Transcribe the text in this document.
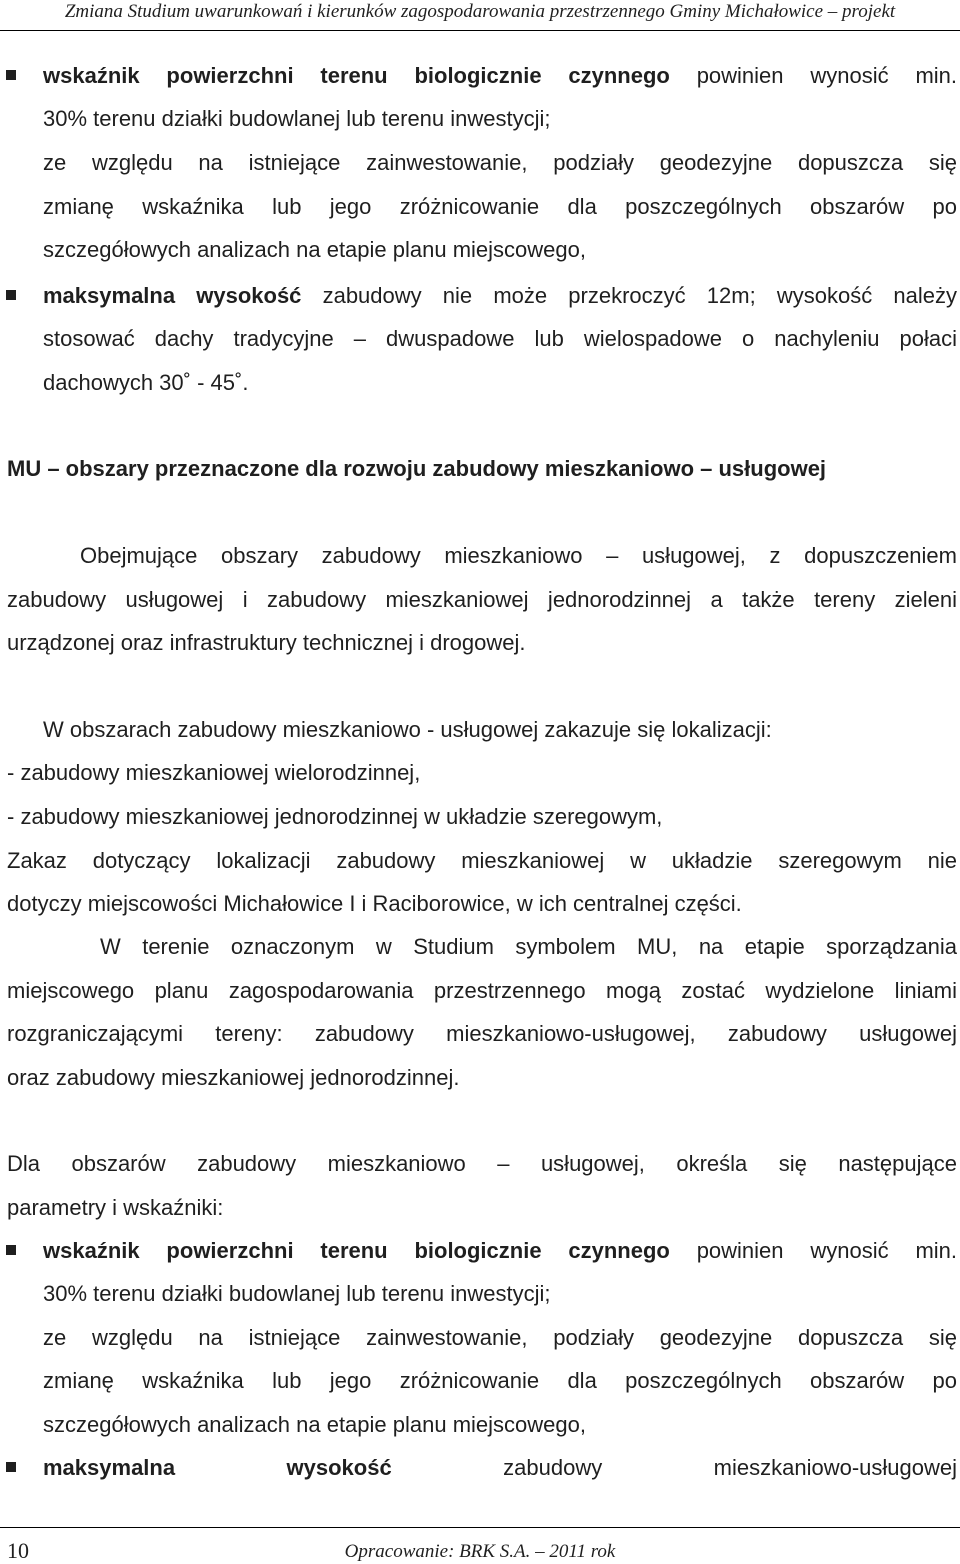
Zmiana Studium uwarunkowań i kierunków zagospodarowania przestrzennego Gminy Michałowice – projekt
wskaźnik powierzchni terenu biologicznie czynnego powinien wynosić min.
30% terenu działki budowlanej lub terenu inwestycji;
ze względu na istniejące zainwestowanie, podziały geodezyjne dopuszcza się
zmianę wskaźnika lub jego zróżnicowanie dla poszczególnych obszarów po
szczegółowych analizach na etapie planu miejscowego,
maksymalna wysokość zabudowy nie może przekroczyć 12m; wysokość należy
stosować dachy tradycyjne – dwuspadowe lub wielospadowe o nachyleniu połaci
dachowych 30˚ - 45˚.
MU – obszary przeznaczone dla rozwoju zabudowy mieszkaniowo – usługowej
Obejmujące obszary zabudowy mieszkaniowo – usługowej, z dopuszczeniem
zabudowy usługowej i zabudowy mieszkaniowej jednorodzinnej a także tereny zieleni
urządzonej oraz infrastruktury technicznej i drogowej.
W obszarach zabudowy mieszkaniowo - usługowej zakazuje się lokalizacji:
- zabudowy mieszkaniowej wielorodzinnej,
- zabudowy mieszkaniowej jednorodzinnej w układzie szeregowym,
Zakaz dotyczący lokalizacji zabudowy mieszkaniowej w układzie szeregowym nie
dotyczy miejscowości Michałowice I i Raciborowice, w ich centralnej części.
W terenie oznaczonym w Studium symbolem MU, na etapie sporządzania
miejscowego planu zagospodarowania przestrzennego mogą zostać wydzielone liniami
rozgraniczającymi tereny: zabudowy mieszkaniowo-usługowej, zabudowy usługowej
oraz zabudowy mieszkaniowej jednorodzinnej.
Dla obszarów zabudowy mieszkaniowo – usługowej, określa się następujące
parametry i wskaźniki:
wskaźnik powierzchni terenu biologicznie czynnego powinien wynosić min.
30% terenu działki budowlanej lub terenu inwestycji;
ze względu na istniejące zainwestowanie, podziały geodezyjne dopuszcza się
zmianę wskaźnika lub jego zróżnicowanie dla poszczególnych obszarów po
szczegółowych analizach na etapie planu miejscowego,
maksymalna wysokość zabudowy mieszkaniowo-usługowej
10	Opracowanie: BRK S.A. – 2011 rok
